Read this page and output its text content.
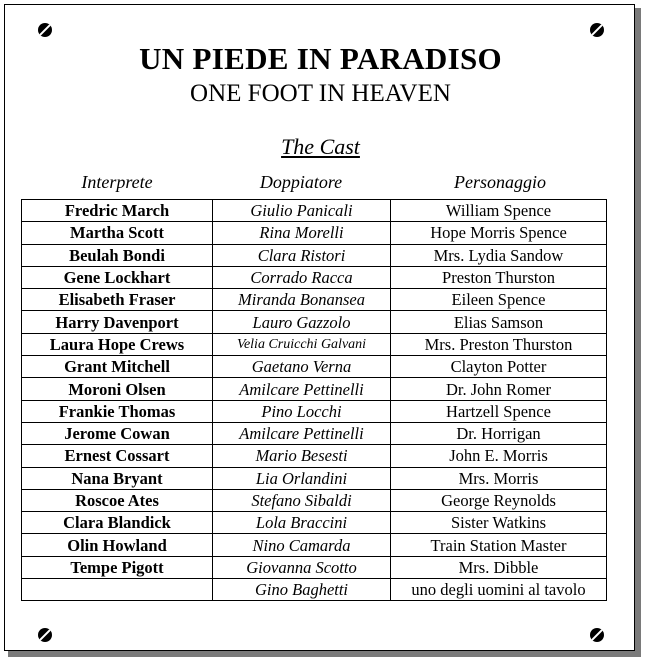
UN PIEDE IN PARADISO
ONE FOOT IN HEAVEN
The Cast
Interprete	Doppiatore	Personaggio
Fredric March	Giulio Panicali	William Spence
Martha Scott	Rina Morelli	Hope Morris Spence
Beulah Bondi	Clara Ristori	Mrs. Lydia Sandow
Gene Lockhart	Corrado Racca	Preston Thurston
Elisabeth Fraser	Miranda Bonansea	Eileen Spence
Harry Davenport	Lauro Gazzolo	Elias Samson
Laura Hope Crews	Velia Cruicchi Galvani	Mrs. Preston Thurston
Grant Mitchell	Gaetano Verna	Clayton Potter
Moroni Olsen	Amilcare Pettinelli	Dr. John Romer
Frankie Thomas	Pino Locchi	Hartzell Spence
Jerome Cowan	Amilcare Pettinelli	Dr. Horrigan
Ernest Cossart	Mario Besesti	John E. Morris
Nana Bryant	Lia Orlandini	Mrs. Morris
Roscoe Ates	Stefano Sibaldi	George Reynolds
Clara Blandick	Lola Braccini	Sister Watkins
Olin Howland	Nino Camarda	Train Station Master
Tempe Pigott	Giovanna Scotto	Mrs. Dibble
	Gino Baghetti	uno degli uomini al tavolo
